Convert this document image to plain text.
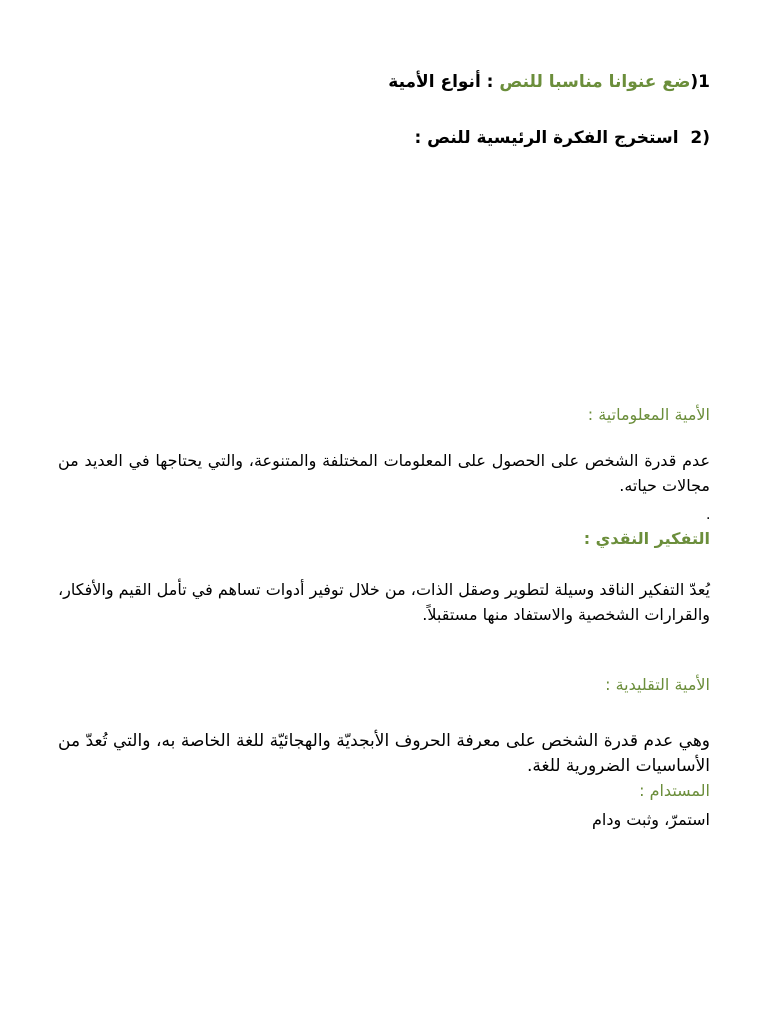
1(ضع عنوانا مناسبا للنص : أنواع الأمية
(2  استخرج الفكرة الرئيسية للنص :
الأمية المعلوماتية :
عدم قدرة الشخص على الحصول على المعلومات المختلفة والمتنوعة، والتي يحتاجها في العديد من مجالات حياته.
.
التفكير النقدي :
يُعدّ التفكير الناقد وسيلة لتطوير وصقل الذات، من خلال توفير أدوات تساهم في تأمل القيم والأفكار، والقرارات الشخصية والاستفاد منها مستقبلاً.
الأمية التقليدية :
وهي عدم قدرة الشخص على معرفة الحروف الأبجديّة والهجائيّة للغة الخاصة به، والتي تُعدّ من الأساسيات الضرورية للغة.
المستدام :
استمرّ، وثبت ودام
